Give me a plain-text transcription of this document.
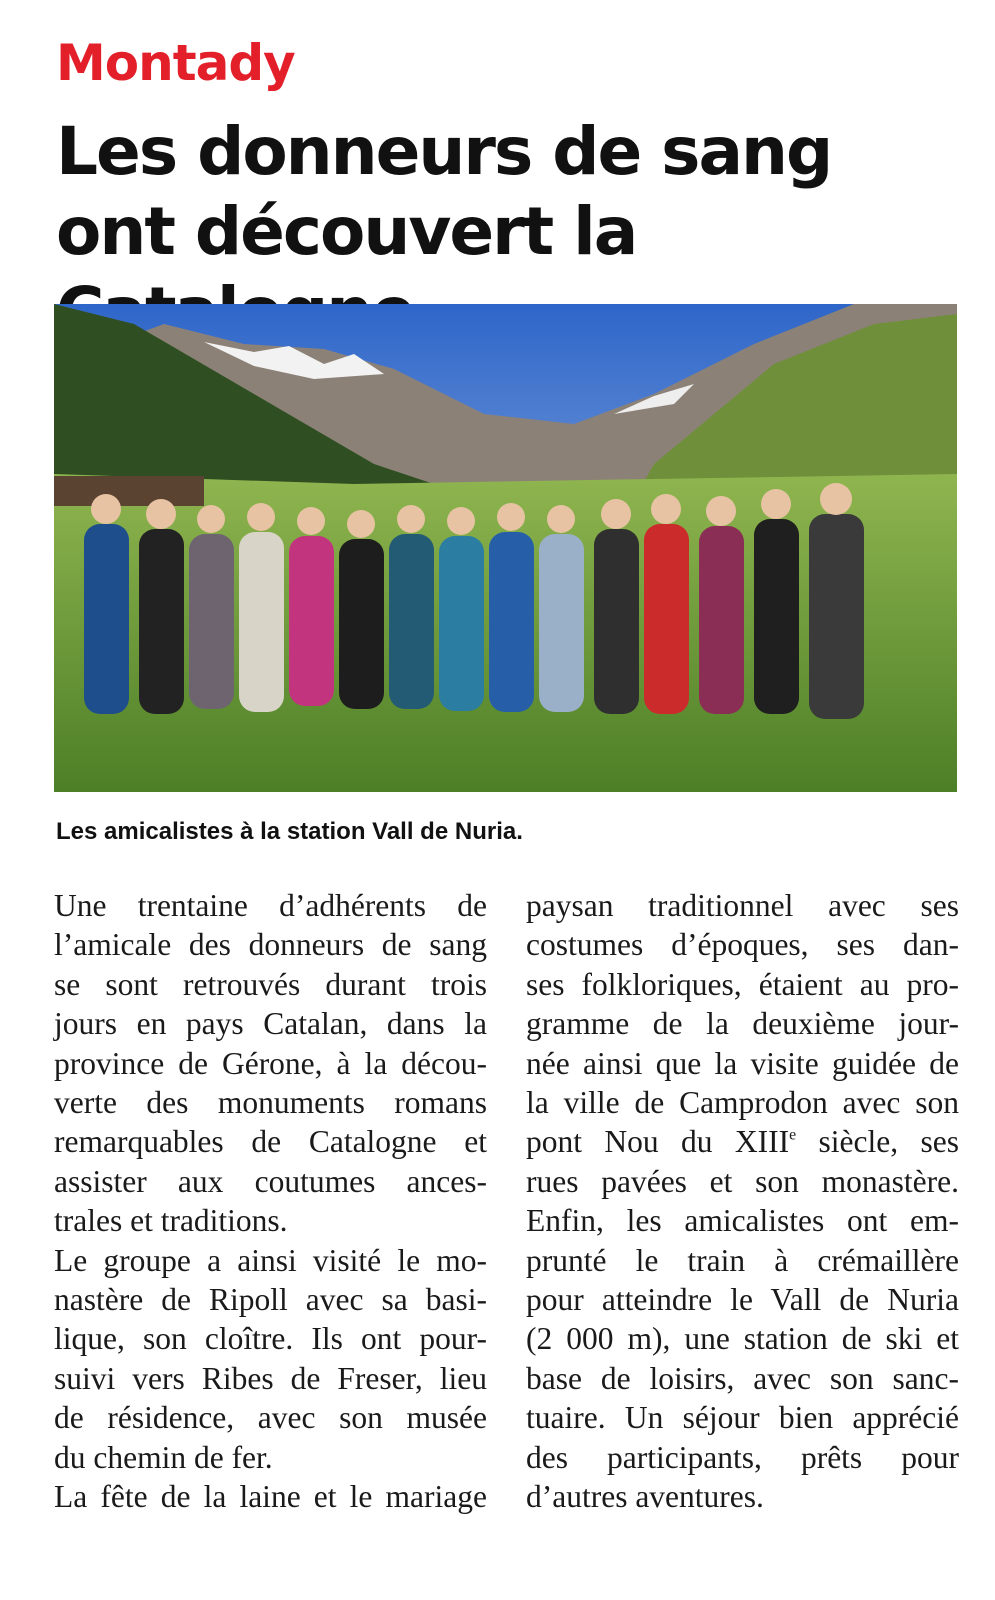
Montady
Les donneurs de sang ont découvert la
Les amicalistes à la station Vall de Nuria.

Une trentaine d’adhérents de

l’amicale des donneurs de sang

se sont retrouvés durant trois

jours en pays Catalan, dans la

province de Gérone, à la décou-

verte des monuments romans

remarquables de Catalogne et

assister aux coutumes ances-

trales et traditions.

Le groupe a ainsi visité le mo-

nastère de Ripoll avec sa basi-

lique, son cloître. Ils ont pour-

suivi vers Ribes de Freser, lieu

de résidence, avec son musée

du chemin de fer.

La fête de la laine et le mariage

paysan traditionnel avec ses

costumes d’époques, ses dan-

ses folkloriques, étaient au pro-

gramme de la deuxième jour-

née ainsi que la visite guidée de

la ville de Camprodon avec son

pont Nou du XIIIe siècle, ses

rues pavées et son monastère.

Enfin, les amicalistes ont em-

prunté le train à crémaillère

pour atteindre le Vall de Nuria

(2 000 m), une station de ski et

base de loisirs, avec son sanc-

tuaire. Un séjour bien apprécié

des participants, prêts pour

d’autres aventures.
